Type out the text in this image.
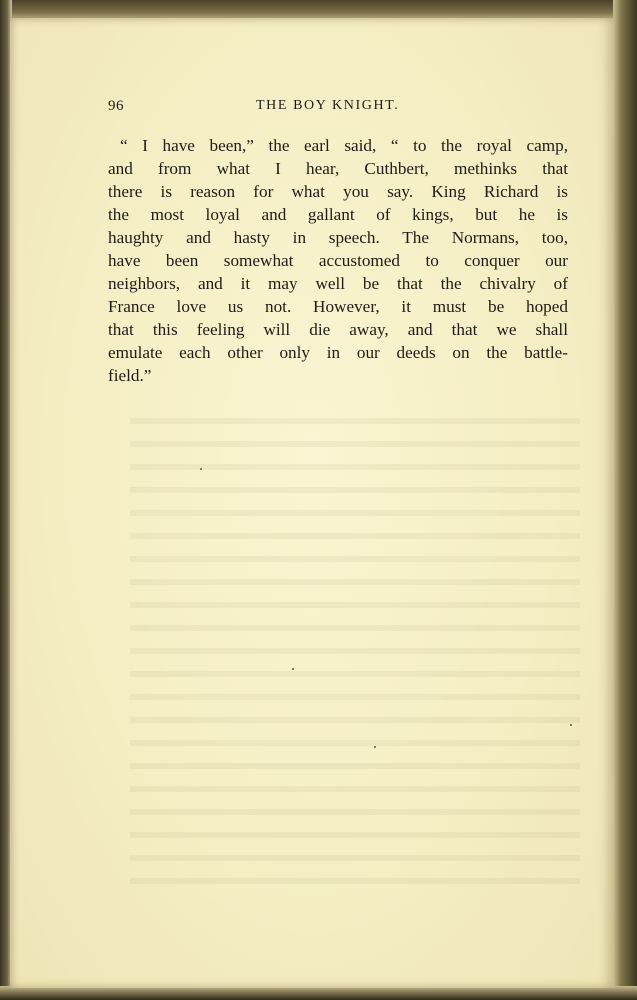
96	THE BOY KNIGHT.
“ I have been,” the earl said, “ to the royal camp,
and from what I hear, Cuthbert, methinks that
there is reason for what you say. King Richard is
the most loyal and gallant of kings, but he is
haughty and hasty in speech. The Normans, too,
have been somewhat accustomed to conquer our
neighbors, and it may well be that the chivalry of
France love us not. However, it must be hoped
that this feeling will die away, and that we shall
emulate each other only in our deeds on the battle-
field.”
